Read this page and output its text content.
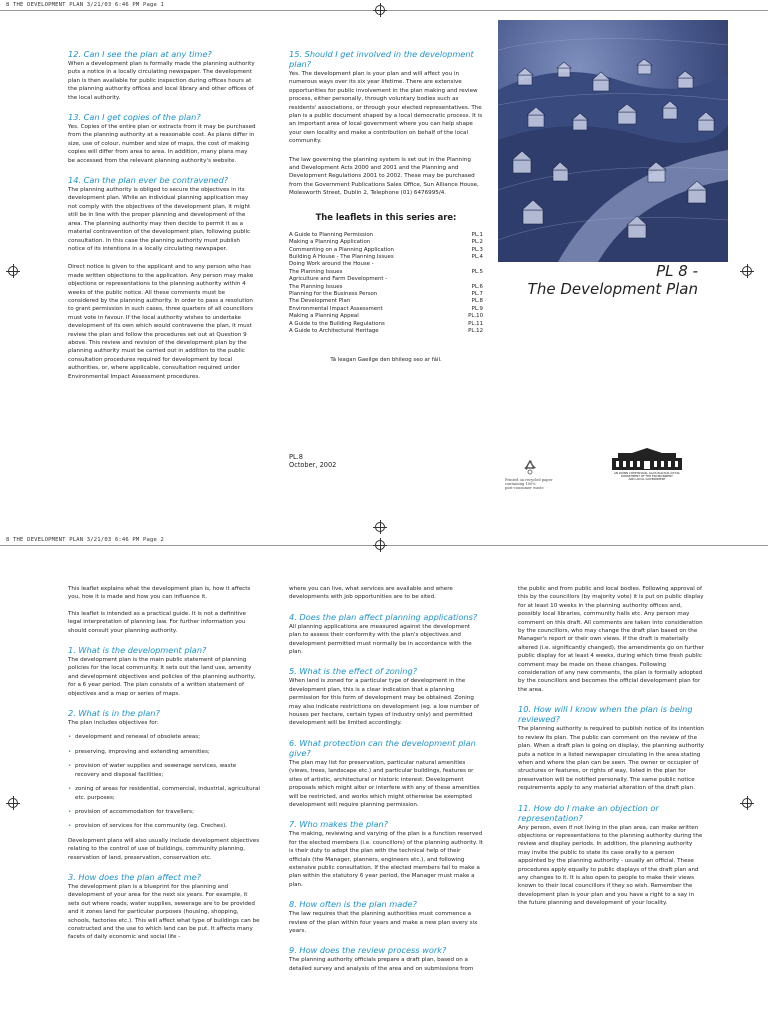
8 THE DEVELOPMENT PLAN 3/21/03 6:46 PM Page 1

12. Can I see the plan at any time?

When a development plan is formally made the planning authority puts a notice in a locally circulating newspaper. The development plan is then available for public inspection during offices hours at the planning authority offices and local library and other offices of the local authority.

13. Can I get copies of the plan?

Yes. Copies of the entire plan or extracts from it may be purchased from the planning authority at a reasonable cost. As plans differ in size, use of colour, number and size of maps, the cost of making copies will differ from area to area. In addition, many plans may be accessed from the relevant planning authority's website.

14. Can the plan ever be contravened?

The planning authority is obliged to secure the objectives in its development plan. While an individual planning application may not comply with the objectives of the development plan, it might still be in line with the proper planning and development of the area. The planning authority may then decide to permit it as a material contravention of the development plan, following public consultation. In this case the planning authority must publish notice of its intentions in a locally circulating newspaper.

Direct notice is given to the applicant and to any person who has made written objections to the application. Any person may make objections or representations to the planning authority within 4 weeks of the public notice. All these comments must be considered by the planning authority. In order to pass a resolution to grant permission in such cases, three quarters of all councillors must vote in favour. If the local authority wishes to undertake development of its own which would contravene the plan, it must review the plan and follow the procedures set out at Question 9 above. This review and revision of the development plan by the planning authority must be carried out in addition to the public consultation procedures required for development by local authorities, or, where applicable, consultation required under Environmental Impact Assessment procedures.

15. Should I get involved in the development plan?

Yes. The development plan is your plan and will affect you in numerous ways over its six year lifetime. There are extensive opportunities for public involvement in the plan making and review process, either personally, through voluntary bodies such as residents' associations, or through your elected representatives. The plan is a public document shaped by a local democratic process. It is an important area of local government where you can help shape your own locality and make a contribution on behalf of the local community.

The law governing the planning system is set out in the Planning and Development Acts 2000 and 2001 and the Planning and Development Regulations 2001 to 2002. These may be purchased from the Government Publications Sales Office, Sun Alliance House, Molesworth Street, Dublin 2, Telephone (01) 6476995/4.

The leaflets in this series are:
A Guide to Planning Permission	PL.1
Making a Planning Application	PL.2
Commenting on a Planning Application	PL.3
Building A House - The Planning Issues	PL.4
Doing Work around the House -	
The Planning Issues	PL.5
Agriculture and Farm Development -	
The Planning Issues	PL.6
Planning for the Business Person	PL.7
The Development Plan	PL.8
Environmental Impact Assessment	PL.9
Making a Planning Appeal	PL.10
A Guide to the Building Regulations	PL.11
A Guide to Architectural Heritage	PL.12
Tá leagan Gaeilge den bhileog seo ar fáil.
PL.8
October, 2002
PL 8 -
The Development Plan
Printed on recycled paper
containing 100%
post-consumer waste
AN ROINN COMHSHAOIL AGUS RIALTAIS ÁITIÚIL
DEPARTMENT OF THE ENVIRONMENT
AND LOCAL GOVERNMENT
8 THE DEVELOPMENT PLAN 3/21/03 6:46 PM Page 2

This leaflet explains what the development plan is, how it affects you, how it is made and how you can influence it.

This leaflet is intended as a practical guide. It is not a definitive legal interpretation of planning law. For further information you should consult your planning authority.

1. What is the development plan?

The development plan is the main public statement of planning policies for the local community. It sets out the land use, amenity and development objectives and policies of the planning authority, for a 6 year period. The plan consists of a written statement of objectives and a map or series of maps.

2. What is in the plan?

The plan includes objectives for:

• development and renewal of obsolete areas;
• preserving, improving and extending amenities;
• provision of water supplies and sewerage services, waste recovery and disposal facilities;
• zoning of areas for residential, commercial, industrial, agricultural etc. purposes;
• provision of accommodation for travellers;
• provision of services for the community (eg. Creches).

Development plans will also usually include development objectives relating to the control of use of buildings, community planning, reservation of land, preservation, conservation etc.

3. How does the plan affect me?

The development plan is a blueprint for the planning and development of your area for the next six years. For example, it sets out where roads, water supplies, sewerage are to be provided and it zones land for particular purposes (housing, shopping, schools, factories etc.). This will affect what type of buildings can be constructed and the use to which land can be put. It affects many facets of daily economic and social life -

where you can live, what services are available and where developments with job opportunities are to be sited.

4. Does the plan affect planning applications?

All planning applications are measured against the development plan to assess their conformity with the plan's objectives and development permitted must normally be in accordance with the plan.

5. What is the effect of zoning?

When land is zoned for a particular type of development in the development plan, this is a clear indication that a planning permission for this form of development may be obtained. Zoning may also indicate restrictions on development (eg. a low number of houses per hectare, certain types of industry only) and permitted development will be limited accordingly.

6. What protection can the development plan give?

The plan may list for preservation, particular natural amenities (views, trees, landscape etc.) and particular buildings, features or sites of artistic, architectural or historic interest. Development proposals which might alter or interfere with any of these amenities will be restricted, and works which might otherwise be exempted development will require planning permission.

7. Who makes the plan?

The making, reviewing and varying of the plan is a function reserved for the elected members (i.e. councillors) of the planning authority. It is their duty to adopt the plan with the technical help of their officials (the Manager, planners, engineers etc.), and following extensive public consultation. If the elected members fail to make a plan within the statutory 6 year period, the Manager must make a plan.

8. How often is the plan made?

The law requires that the planning authorities must commence a review of the plan within four years and make a new plan every six years.

9. How does the review process work?

The planning authority officials prepare a draft plan, based on a detailed survey and analysis of the area and on submissions from

the public and from public and local bodies. Following approval of this by the councillors (by majority vote) it is put on public display for at least 10 weeks in the planning authority offices and, possibly local libraries, community halls etc. Any person may comment on this draft. All comments are taken into consideration by the councillors, who may change the draft plan based on the Manager's report or their own views. If the draft is materially altered (i.e. significantly changed), the amendments go on further public display for at least 4 weeks, during which time fresh public comment may be made on these changes. Following consideration of any new comments, the plan is formally adopted by the councillors and becomes the official development plan for the area.

10. How will I know when the plan is being reviewed?

The planning authority is required to publish notice of its intention to review its plan. The public can comment on the review of the plan. When a draft plan is going on display, the planning authority puts a notice in a listed newspaper circulating in the area stating when and where the plan can be seen. The owner or occupier of structures or features, or rights of way, listed in the plan for preservation will be notified personally. The same public notice requirements apply to any material alteration of the draft plan.

11. How do I make an objection or representation?

Any person, even if not living in the plan area, can make written objections or representations to the planning authority during the review and display periods. In addition, the planning authority may invite the public to state its case orally to a person appointed by the planning authority - usually an official. These procedures apply equally to public displays of the draft plan and any changes to it. It is also open to people to make their views known to their local councillors if they so wish. Remember the development plan is your plan and you have a right to a say in the future planning and development of your locality.
